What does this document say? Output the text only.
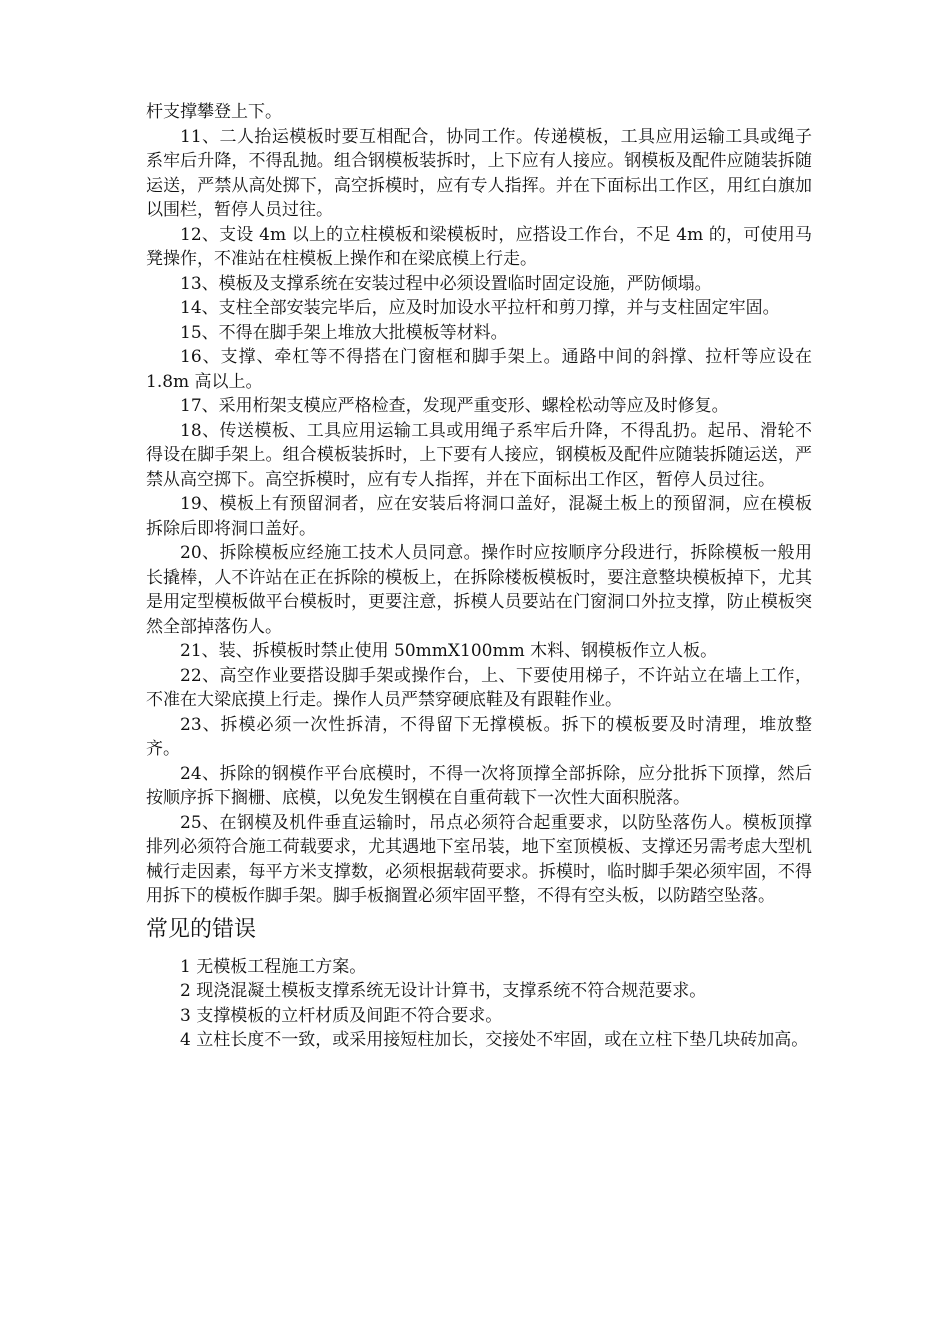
杆支撑攀登上下。

11、二人抬运模板时要互相配合，协同工作。传递模板，工具应用运输工具或绳子系牢后升降，不得乱抛。组合钢模板装拆时，上下应有人接应。钢模板及配件应随装拆随运送，严禁从高处掷下，高空拆模时，应有专人指挥。并在下面标出工作区，用红白旗加以围栏，暂停人员过往。

12、支设 4m 以上的立柱模板和梁模板时，应搭设工作台，不足 4m 的，可使用马凳操作，不准站在柱模板上操作和在梁底模上行走。

13、模板及支撑系统在安装过程中必须设置临时固定设施，严防倾塌。

14、支柱全部安装完毕后，应及时加设水平拉杆和剪刀撑，并与支柱固定牢固。

15、不得在脚手架上堆放大批模板等材料。

16、支撑、牵杠等不得搭在门窗框和脚手架上。通路中间的斜撑、拉杆等应设在 1.8m 高以上。

17、采用桁架支模应严格检查，发现严重变形、螺栓松动等应及时修复。

18、传送模板、工具应用运输工具或用绳子系牢后升降，不得乱扔。起吊、滑轮不得设在脚手架上。组合模板装拆时，上下要有人接应，钢模板及配件应随装拆随运送，严禁从高空掷下。高空拆模时，应有专人指挥，并在下面标出工作区，暂停人员过往。

19、模板上有预留洞者，应在安装后将洞口盖好，混凝土板上的预留洞，应在模板拆除后即将洞口盖好。

20、拆除模板应经施工技术人员同意。操作时应按顺序分段进行，拆除模板一般用长撬棒，人不许站在正在拆除的模板上，在拆除楼板模板时，要注意整块模板掉下，尤其是用定型模板做平台模板时，更要注意，拆模人员要站在门窗洞口外拉支撑，防止模板突然全部掉落伤人。

21、装、拆模板时禁止使用 50mmX100mm 木料、钢模板作立人板。

22、高空作业要搭设脚手架或操作台，上、下要使用梯子，不许站立在墙上工作，不准在大梁底摸上行走。操作人员严禁穿硬底鞋及有跟鞋作业。

23、拆模必须一次性拆清，不得留下无撑模板。拆下的模板要及时清理，堆放整齐。

24、拆除的钢模作平台底模时，不得一次将顶撑全部拆除，应分批拆下顶撑，然后按顺序拆下搁栅、底模，以免发生钢模在自重荷载下一次性大面积脱落。

25、在钢模及机件垂直运输时，吊点必须符合起重要求，以防坠落伤人。模板顶撑排列必须符合施工荷载要求，尤其遇地下室吊装，地下室顶模板、支撑还另需考虑大型机械行走因素，每平方米支撑数，必须根据载荷要求。拆模时，临时脚手架必须牢固，不得用拆下的模板作脚手架。脚手板搁置必须牢固平整，不得有空头板，以防踏空坠落。

常见的错误

1 无模板工程施工方案。

2 现浇混凝土模板支撑系统无设计计算书，支撑系统不符合规范要求。

3 支撑模板的立杆材质及间距不符合要求。

4 立柱长度不一致，或采用接短柱加长，交接处不牢固，或在立柱下垫几块砖加高。
